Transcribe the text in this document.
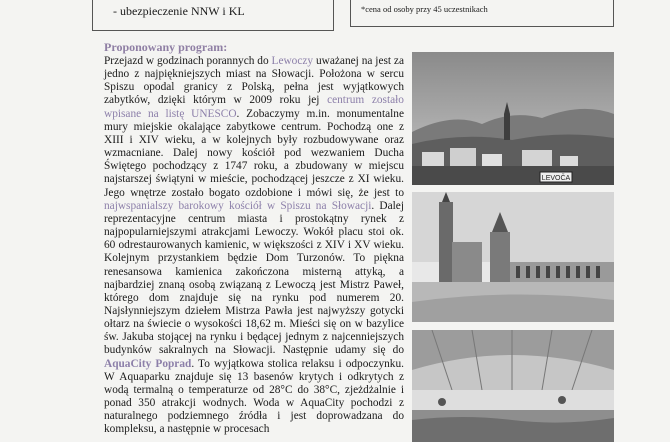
- ubezpieczenie NNW i KL	*cena od osoby przy 45 uczestnikach
Proponowany program:
Przejazd w godzinach porannych do Lewoczy uważanej na jest za jedno z najpiękniejszych miast na Słowacji. Położona w sercu Spiszu opodal granicy z Polską, pełna jest wyjątkowych zabytków, dzięki którym w 2009 roku jej centrum zostało wpisane na listę UNESCO. Zobaczymy m.in. monumentalne mury miejskie okalające zabytkowe centrum. Pochodzą one z XIII i XIV wieku, a w kolejnych były rozbudowywane oraz wzmacniane. Dalej nowy kościół pod wezwaniem Ducha Świętego pochodzący z 1747 roku, a zbudowany w miejscu najstarszej świątyni w mieście, pochodzącej jeszcze z XI wieku. Jego wnętrze zostało bogato ozdobione i mówi się, że jest to najwspanialszy barokowy kościół w Spiszu na Słowacji. Dalej reprezentacyjne centrum miasta i prostokątny rynek z najpopularniejszymi atrakcjami Lewoczy. Wokół placu stoi ok. 60 odrestaurowanych kamienic, w większości z XIV i XV wieku. Kolejnym przystankiem będzie Dom Turzonów. To piękna renesansowa kamienica zakończona misterną attyką, a najbardziej znaną osobą związaną z Lewoczą jest Mistrz Paweł, którego dom znajduje się na rynku pod numerem 20. Najsłynniejszym dziełem Mistrza Pawła jest najwyższy gotycki ołtarz na świecie o wysokości 18,62 m. Mieści się on w bazylice św. Jakuba stojącej na rynku i będącej jednym z najcenniejszych budynków sakralnych na Słowacji. Następnie udamy się do AquaCity Poprad. To wyjątkowa stolica relaksu i odpoczynku. W Aquaparku znajduje się 13 basenów krytych i odkrytych z wodą termalną o temperaturze od 28°C do 38°C, zjeżdżalnie i ponad 350 atrakcji wodnych. Woda w AquaCity pochodzi z naturalnego podziemnego źródła i jest doprowadzana do kompleksu, a następnie w procesach
LEVOČA
